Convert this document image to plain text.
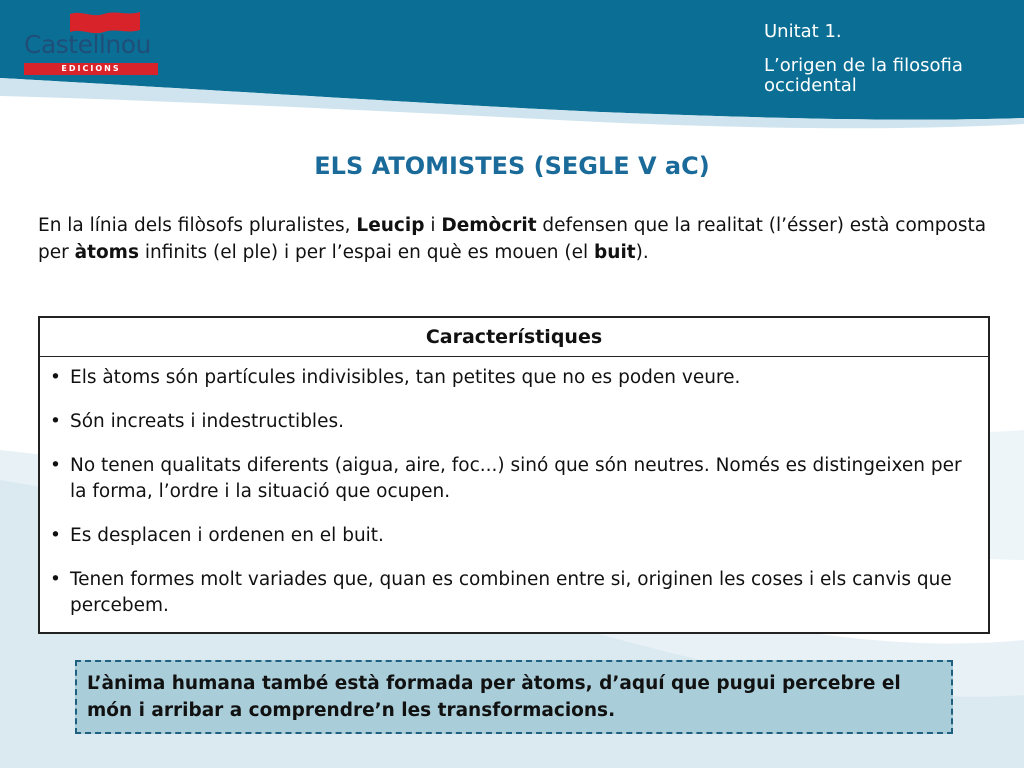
Castellnou
EDICIONS
Unitat 1.
L’origen de la filosofia occidental
ELS ATOMISTES (SEGLE V aC)
En la línia dels filòsofs pluralistes, Leucip i Demòcrit defensen que la realitat (l’ésser) està composta per àtoms infinits (el ple) i per l’espai en què es mouen (el buit).
Característiques
• Els àtoms són partícules indivisibles, tan petites que no es poden veure.
• Són increats i indestructibles.
• No tenen qualitats diferents (aigua, aire, foc...) sinó que són neutres. Només es distingeixen per la forma, l’ordre i la situació que ocupen.
• Es desplacen i ordenen en el buit.
• Tenen formes molt variades que, quan es combinen entre si, originen les coses i els canvis que percebem.
L’ànima humana també està formada per àtoms, d’aquí que pugui percebre el món i arribar a comprendre’n les transformacions.
